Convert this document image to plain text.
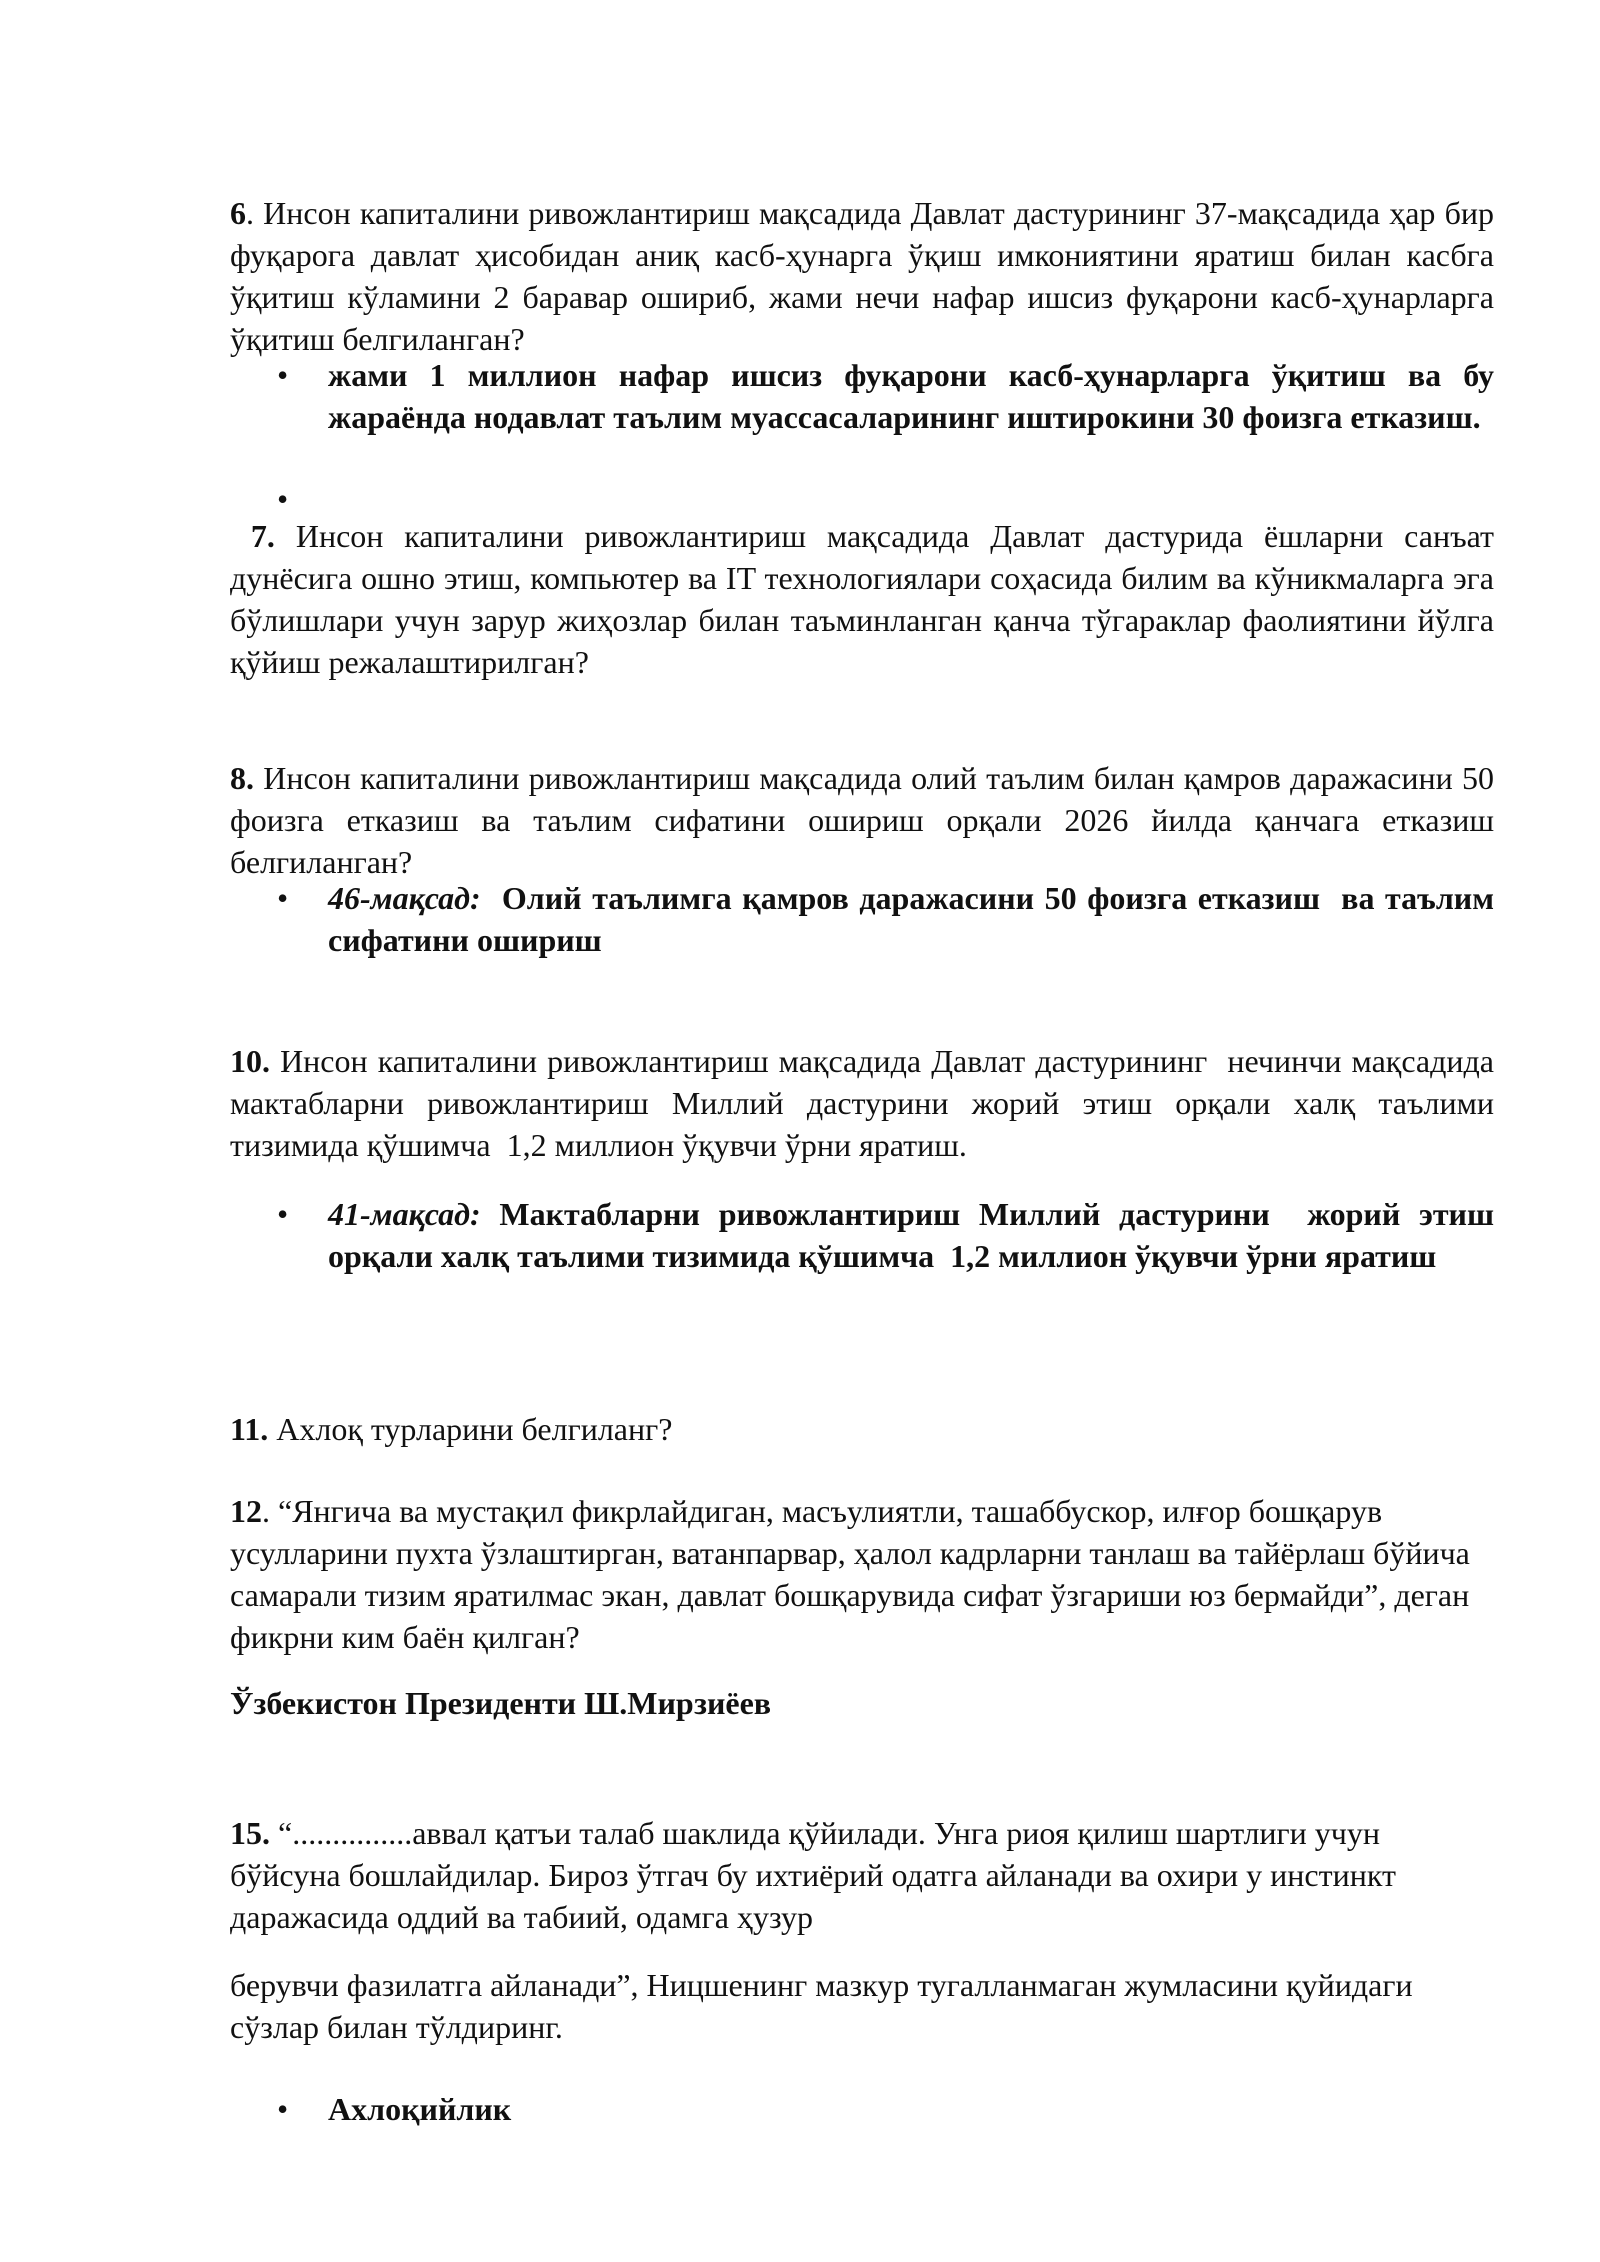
6. Инсон капиталини ривожлантириш мақсадида Давлат дастурининг 37-мақсадида ҳар бир фуқарога давлат ҳисобидан аниқ касб-ҳунарга ўқиш имкониятини яратиш билан касбга ўқитиш кўламини 2 баравар ошириб, жами нечи нафар ишсиз фуқарони касб-ҳунарларга ўқитиш белгиланган?
• жами 1 миллион нафар ишсиз фуқарони касб-ҳунарларга ўқитиш ва бу жараёнда нодавлат таълим муассасаларининг иштирокини 30 фоизга етказиш.
•
7. Инсон капиталини ривожлантириш мақсадида Давлат дастурида ёшларни санъат дунёсига ошно этиш, компьютер ва IT технологиялари соҳасида билим ва кўникмаларга эга бўлишлари учун зарур жиҳозлар билан таъминланган қанча тўгараклар фаолиятини йўлга қўйиш режалаштирилган?
8. Инсон капиталини ривожлантириш мақсадида олий таълим билан қамров даражасини 50 фоизга етказиш ва таълим сифатини ошириш орқали 2026 йилда қанчага етказиш белгиланган?
• 46-мақсад:  Олий таълимга қамров даражасини 50 фоизга етказиш  ва таълим сифатини ошириш
10. Инсон капиталини ривожлантириш мақсадида Давлат дастурининг  нечинчи мақсадида мактабларни ривожлантириш Миллий дастурини жорий этиш орқали халқ таълими тизимида қўшимча  1,2 миллион ўқувчи ўрни яратиш.
• 41-мақсад: Мактабларни ривожлантириш Миллий дастурини  жорий этиш орқали халқ таълими тизимида қўшимча  1,2 миллион ўқувчи ўрни яратиш
11. Ахлоқ турларини белгиланг?
12. “Янгича ва мустақил фикрлайдиган, масъулиятли, ташаббускор, илғор бошқарув усулларини пухта ўзлаштирган, ватанпарвар, ҳалол кадрларни танлаш ва тайёрлаш бўйича самарали тизим яратилмас экан, давлат бошқарувида сифат ўзгариши юз бермайди”, деган фикрни ким баён қилган?
Ўзбекистон Президенти Ш.Мирзиёев
15. “...............аввал қатъи талаб шаклида қўйилади. Унга риоя қилиш шартлиги учун бўйсуна бошлайдилар. Бироз ўтгач бу ихтиёрий одатга айланади ва охири у инстинкт даражасида оддий ва табиий, одамга ҳузур
берувчи фазилатга айланади”, Ницшенинг мазкур тугалланмаган жумласини қуйидаги сўзлар билан тўлдиринг.
• Ахлоқийлик
